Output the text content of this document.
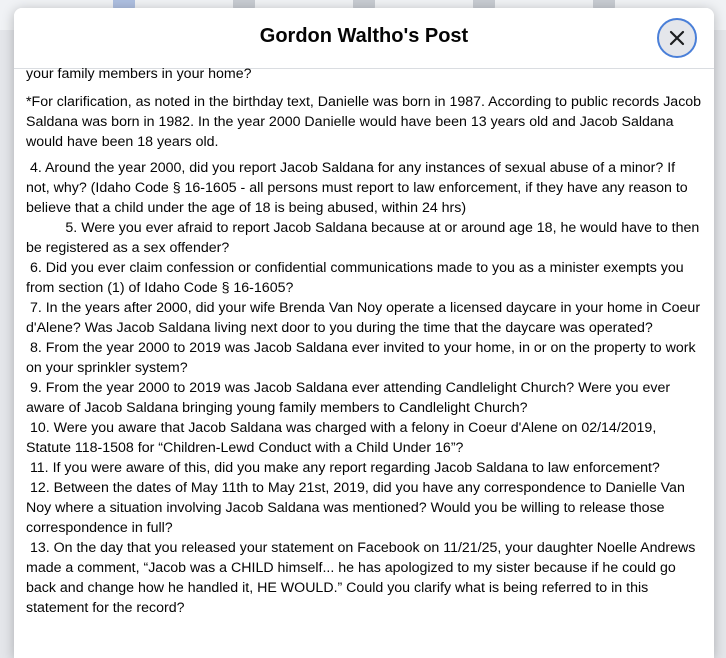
Gordon Waltho's Post

your family members in your home?

*For clarification, as noted in the birthday text, Danielle was born in 1987. According to public records Jacob Saldana was born in 1982. In the year 2000 Danielle would have been 13 years old and Jacob Saldana would have been 18 years old.

4. Around the year 2000, did you report Jacob Saldana for any instances of sexual abuse of a minor? If not, why? (Idaho Code § 16-1605 - all persons must report to law enforcement, if they have any reason to believe that a child under the age of 18 is being abused, within 24 hrs)

5. Were you ever afraid to report Jacob Saldana because at or around age 18, he would have to then be registered as a sex offender?

6. Did you ever claim confession or confidential communications made to you as a minister exempts you from section (1) of Idaho Code § 16-1605?

7. In the years after 2000, did your wife Brenda Van Noy operate a licensed daycare in your home in Coeur d'Alene? Was Jacob Saldana living next door to you during the time that the daycare was operated?

8. From the year 2000 to 2019 was Jacob Saldana ever invited to your home, in or on the property to work on your sprinkler system?

9. From the year 2000 to 2019 was Jacob Saldana ever attending Candlelight Church? Were you ever aware of Jacob Saldana bringing young family members to Candlelight Church?

10. Were you aware that Jacob Saldana was charged with a felony in Coeur d'Alene on 02/14/2019, Statute 118-1508 for “Children-Lewd Conduct with a Child Under 16”?

11. If you were aware of this, did you make any report regarding Jacob Saldana to law enforcement?

12. Between the dates of May 11th to May 21st, 2019, did you have any correspondence to Danielle Van Noy where a situation involving Jacob Saldana was mentioned? Would you be willing to release those correspondence in full?

13. On the day that you released your statement on Facebook on 11/21/25, your daughter Noelle Andrews made a comment, “Jacob was a CHILD himself... he has apologized to my sister because if he could go back and change how he handled it, HE WOULD.” Could you clarify what is being referred to in this statement for the record?
